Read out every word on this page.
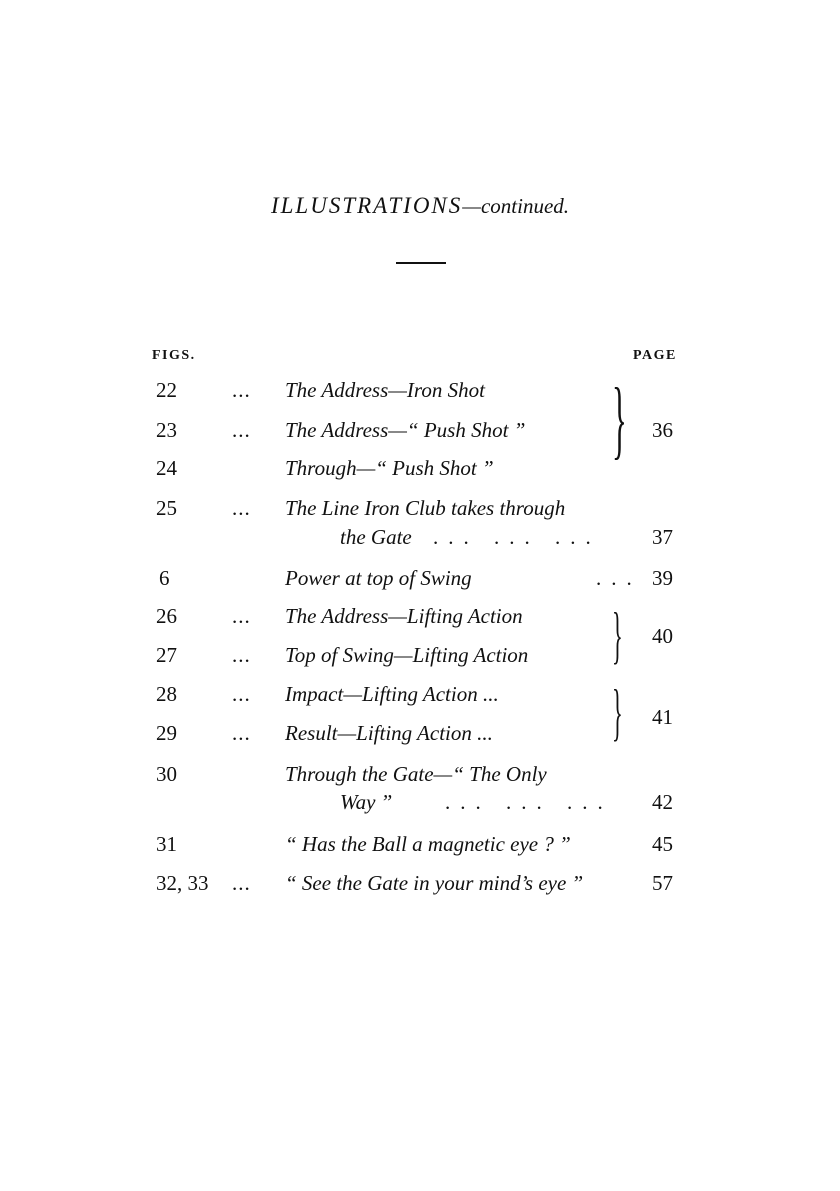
ILLUSTRATIONS—continued.
FIGS.	PAGE
22	... The Address—Iron Shot
23	... The Address—“ Push Shot ”
24	Through—“ Push Shot ” } 36
25	... The Line Iron Club takes through
the Gate ... ... ... 37
6	Power at top of Swing	... 39
26	... The Address—Lifting Action
27	... Top of Swing—Lifting Action } 40
28	... Impact—Lifting Action ...
29	... Result—Lifting Action ... } 41
30	Through the Gate—“ The Only
Way ”	... ... ... 42
31	“ Has the Ball a magnetic eye ? ”	45
32, 33 ... “ See the Gate in your mind’s eye ”	57
